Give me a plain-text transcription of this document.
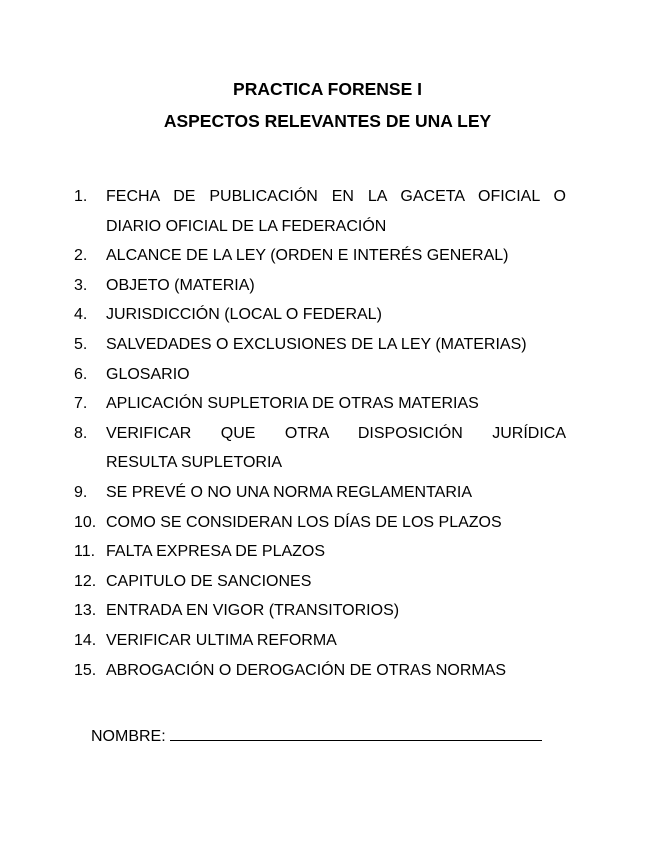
PRACTICA FORENSE I
ASPECTOS RELEVANTES DE UNA LEY
1. FECHA DE PUBLICACIÓN EN LA GACETA OFICIAL O
DIARIO OFICIAL DE LA FEDERACIÓN
2. ALCANCE DE LA LEY (ORDEN E INTERÉS GENERAL)
3. OBJETO (MATERIA)
4. JURISDICCIÓN (LOCAL O FEDERAL)
5. SALVEDADES O EXCLUSIONES DE LA LEY (MATERIAS)
6. GLOSARIO
7. APLICACIÓN SUPLETORIA DE OTRAS MATERIAS
8. VERIFICAR QUE OTRA DISPOSICIÓN JURÍDICA
RESULTA SUPLETORIA
9. SE PREVÉ O NO UNA NORMA REGLAMENTARIA
10. COMO SE CONSIDERAN LOS DÍAS DE LOS PLAZOS
11. FALTA EXPRESA DE PLAZOS
12. CAPITULO DE SANCIONES
13. ENTRADA EN VIGOR (TRANSITORIOS)
14. VERIFICAR ULTIMA REFORMA
15. ABROGACIÓN O DEROGACIÓN DE OTRAS NORMAS
NOMBRE:
